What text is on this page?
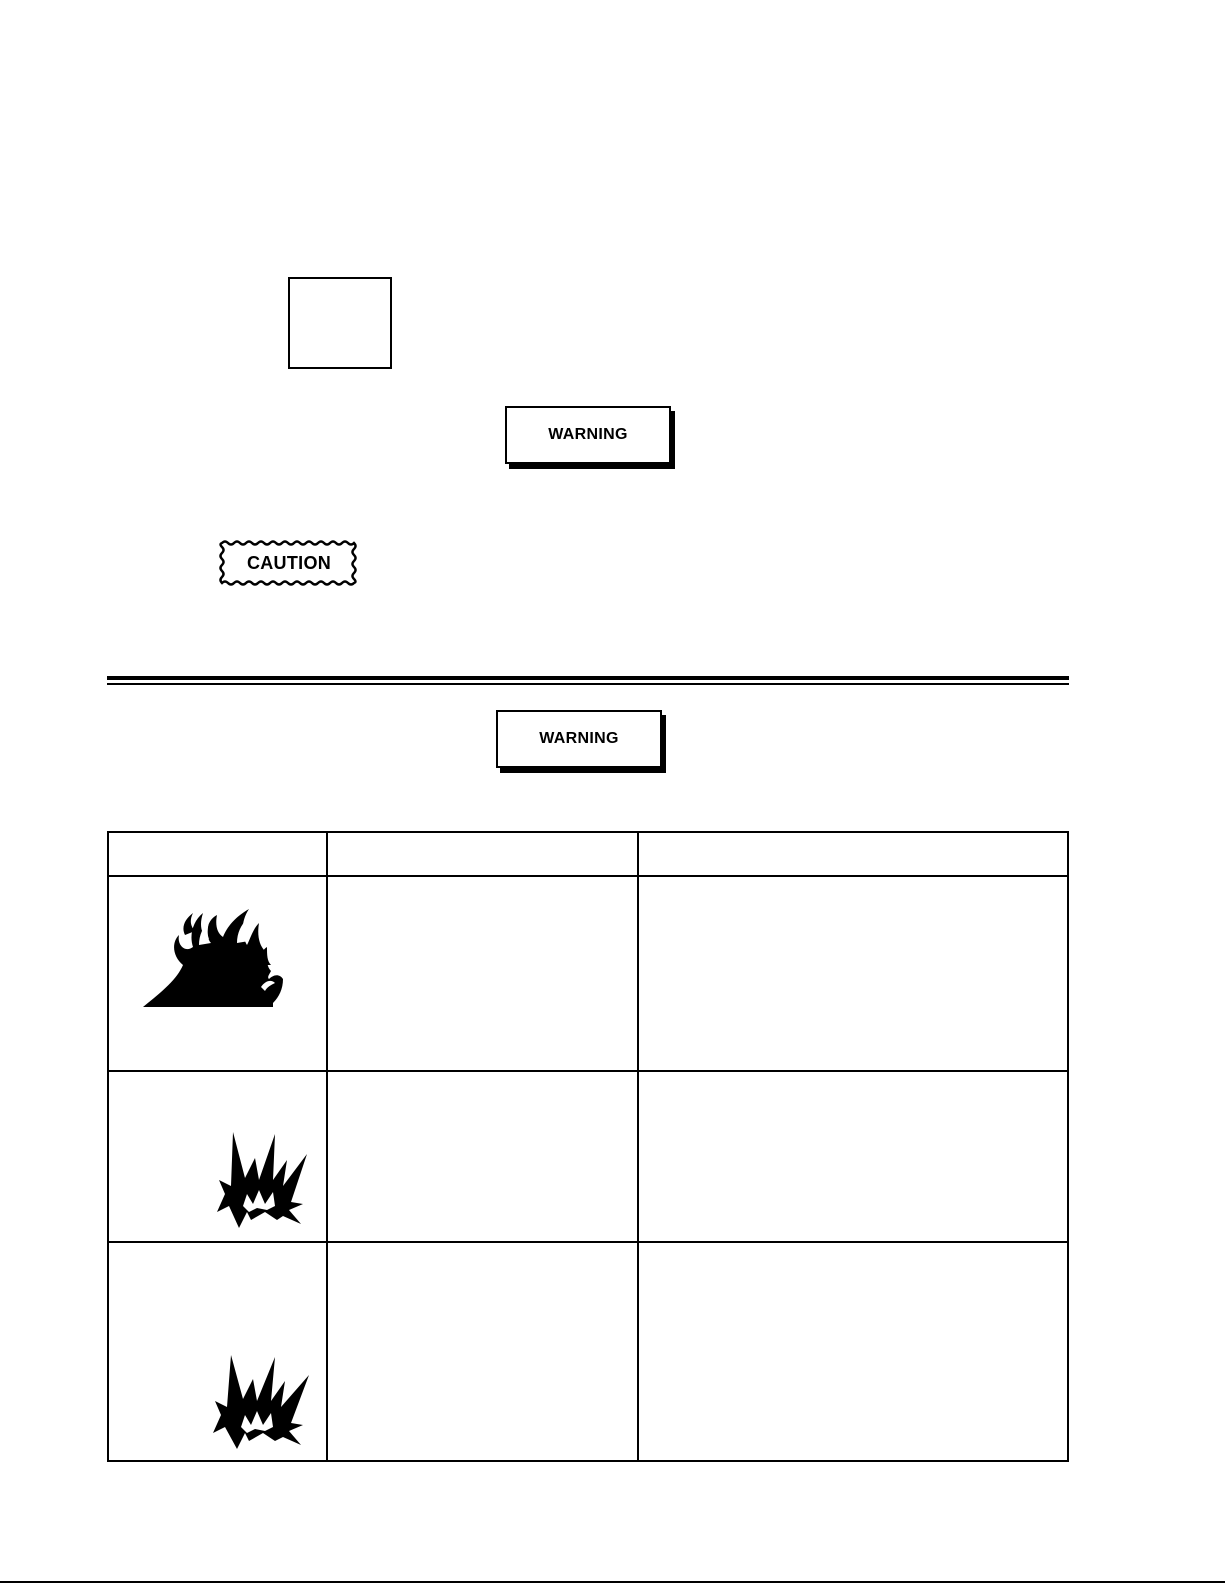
WARNING
CAUTION
WARNING
